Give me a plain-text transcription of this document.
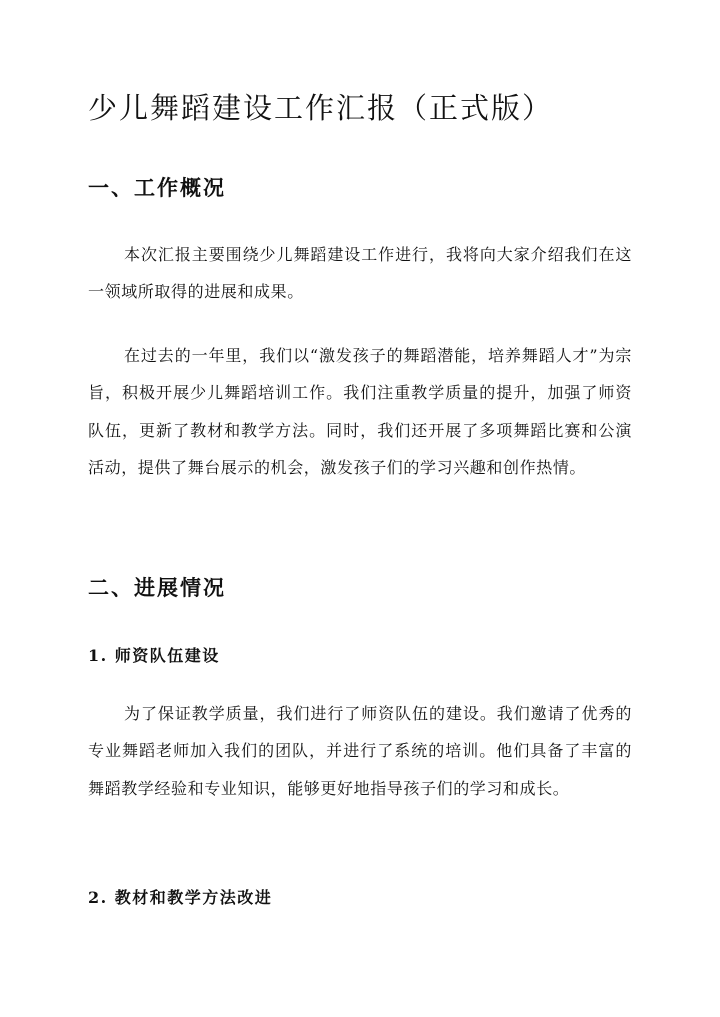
少儿舞蹈建设工作汇报（正式版）
一、工作概况

本次汇报主要围绕少儿舞蹈建设工作进行，我将向大家介绍我们在这一领域所取得的进展和成果。

在过去的一年里，我们以“激发孩子的舞蹈潜能，培养舞蹈人才”为宗旨，积极开展少儿舞蹈培训工作。我们注重教学质量的提升，加强了师资队伍，更新了教材和教学方法。同时，我们还开展了多项舞蹈比赛和公演活动，提供了舞台展示的机会，激发孩子们的学习兴趣和创作热情。

二、进展情况
1. 师资队伍建设

为了保证教学质量，我们进行了师资队伍的建设。我们邀请了优秀的专业舞蹈老师加入我们的团队，并进行了系统的培训。他们具备了丰富的舞蹈教学经验和专业知识，能够更好地指导孩子们的学习和成长。

2. 教材和教学方法改进
